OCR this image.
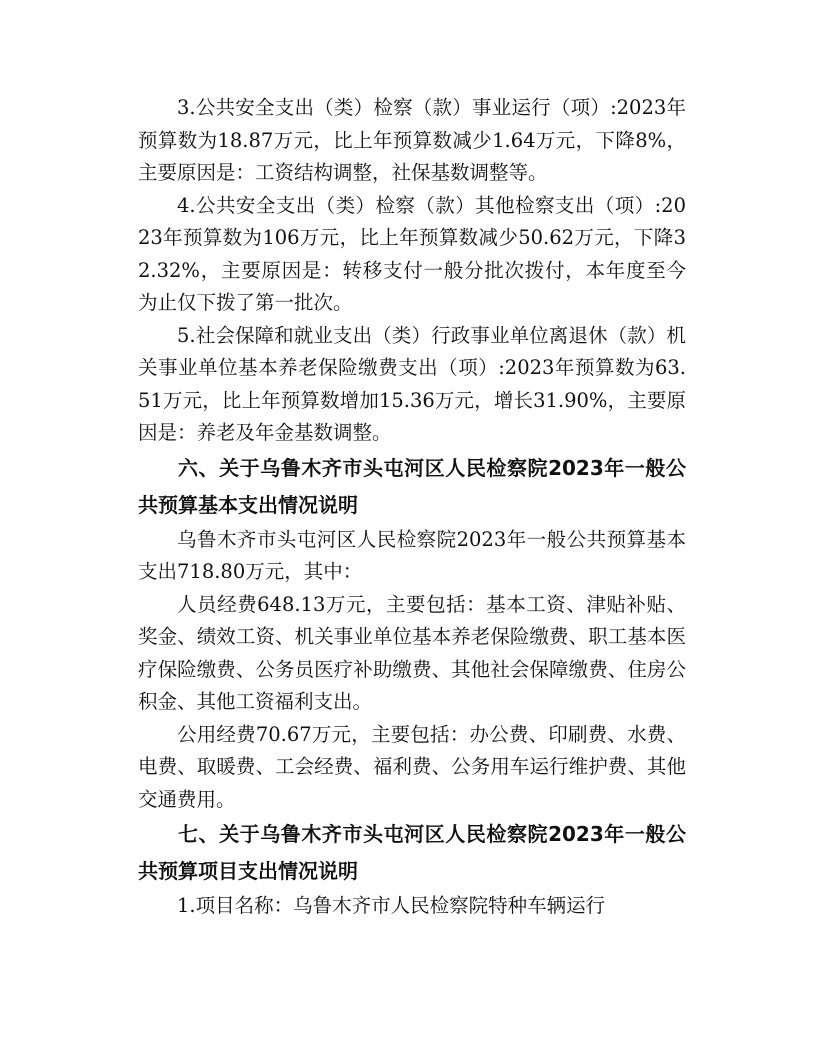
3.公共安全支出（类）检察（款）事业运行（项）:2023年预算数为18.87万元，比上年预算数减少1.64万元，下降8%，主要原因是：工资结构调整，社保基数调整等。

4.公共安全支出（类）检察（款）其他检察支出（项）:2023年预算数为106万元，比上年预算数减少50.62万元，下降32.32%，主要原因是：转移支付一般分批次拨付，本年度至今为止仅下拨了第一批次。

5.社会保障和就业支出（类）行政事业单位离退休（款）机关事业单位基本养老保险缴费支出（项）:2023年预算数为63.51万元，比上年预算数增加15.36万元，增长31.90%，主要原因是：养老及年金基数调整。

六、关于乌鲁木齐市头屯河区人民检察院2023年一般公共预算基本支出情况说明

乌鲁木齐市头屯河区人民检察院2023年一般公共预算基本支出718.80万元，其中：

人员经费648.13万元，主要包括：基本工资、津贴补贴、奖金、绩效工资、机关事业单位基本养老保险缴费、职工基本医疗保险缴费、公务员医疗补助缴费、其他社会保障缴费、住房公积金、其他工资福利支出。

公用经费70.67万元，主要包括：办公费、印刷费、水费、电费、取暖费、工会经费、福利费、公务用车运行维护费、其他交通费用。

七、关于乌鲁木齐市头屯河区人民检察院2023年一般公共预算项目支出情况说明

1.项目名称：乌鲁木齐市人民检察院特种车辆运行
